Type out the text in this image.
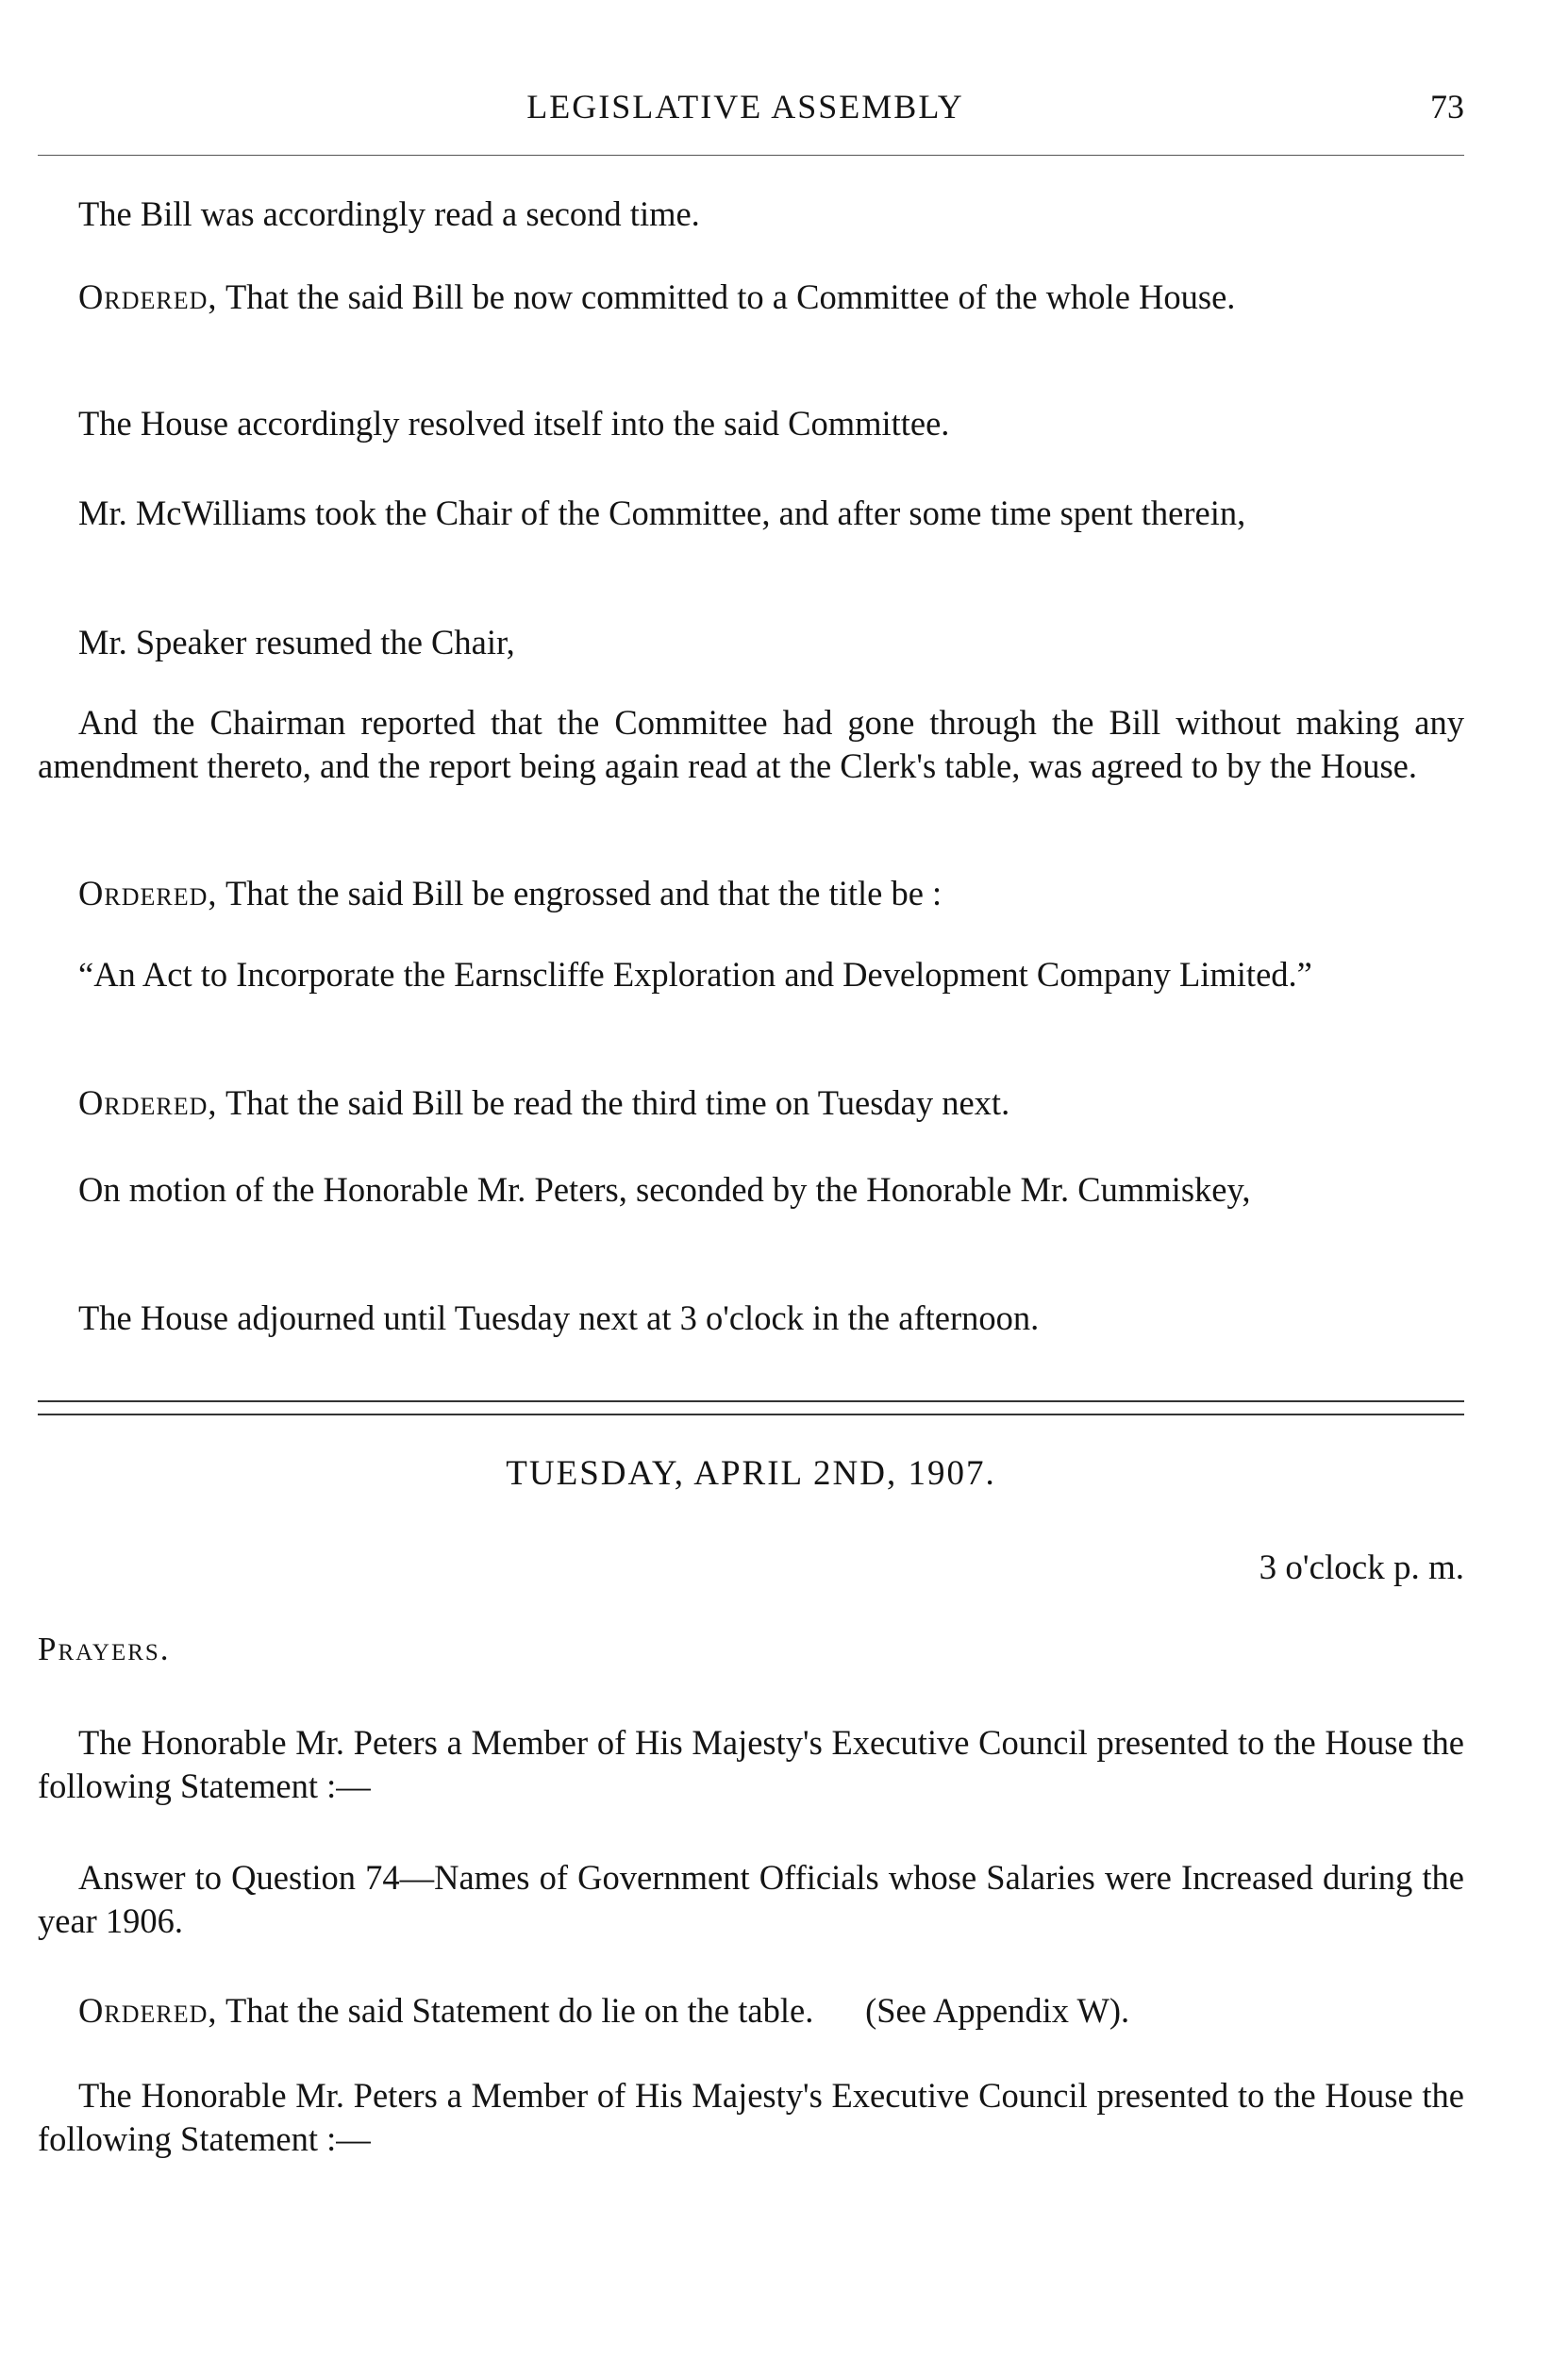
LEGISLATIVE ASSEMBLY	73

The Bill was accordingly read a second time.

Ordered, That the said Bill be now committed to a Committee of the whole House.

The House accordingly resolved itself into the said Committee.

Mr. McWilliams took the Chair of the Committee, and after some time spent therein,

Mr. Speaker resumed the Chair,

And the Chairman reported that the Committee had gone through the Bill without making any amendment thereto, and the report being again read at the Clerk's table, was agreed to by the House.

Ordered, That the said Bill be engrossed and that the title be :

“An Act to Incorporate the Earnscliffe Exploration and Development Company Limited.”

Ordered, That the said Bill be read the third time on Tuesday next.

On motion of the Honorable Mr. Peters, seconded by the Honorable Mr. Cummiskey,

The House adjourned until Tuesday next at 3 o'clock in the afternoon.

TUESDAY, APRIL 2ND, 1907.
3 o'clock p. m.
Prayers.

The Honorable Mr. Peters a Member of His Majesty's Executive Council presented to the House the following Statement :—

Answer to Question 74—Names of Government Officials whose Salaries were Increased during the year 1906.

Ordered, That the said Statement do lie on the table.      (See Appendix W).

The Honorable Mr. Peters a Member of His Majesty's Executive Council presented to the House the following Statement :—
